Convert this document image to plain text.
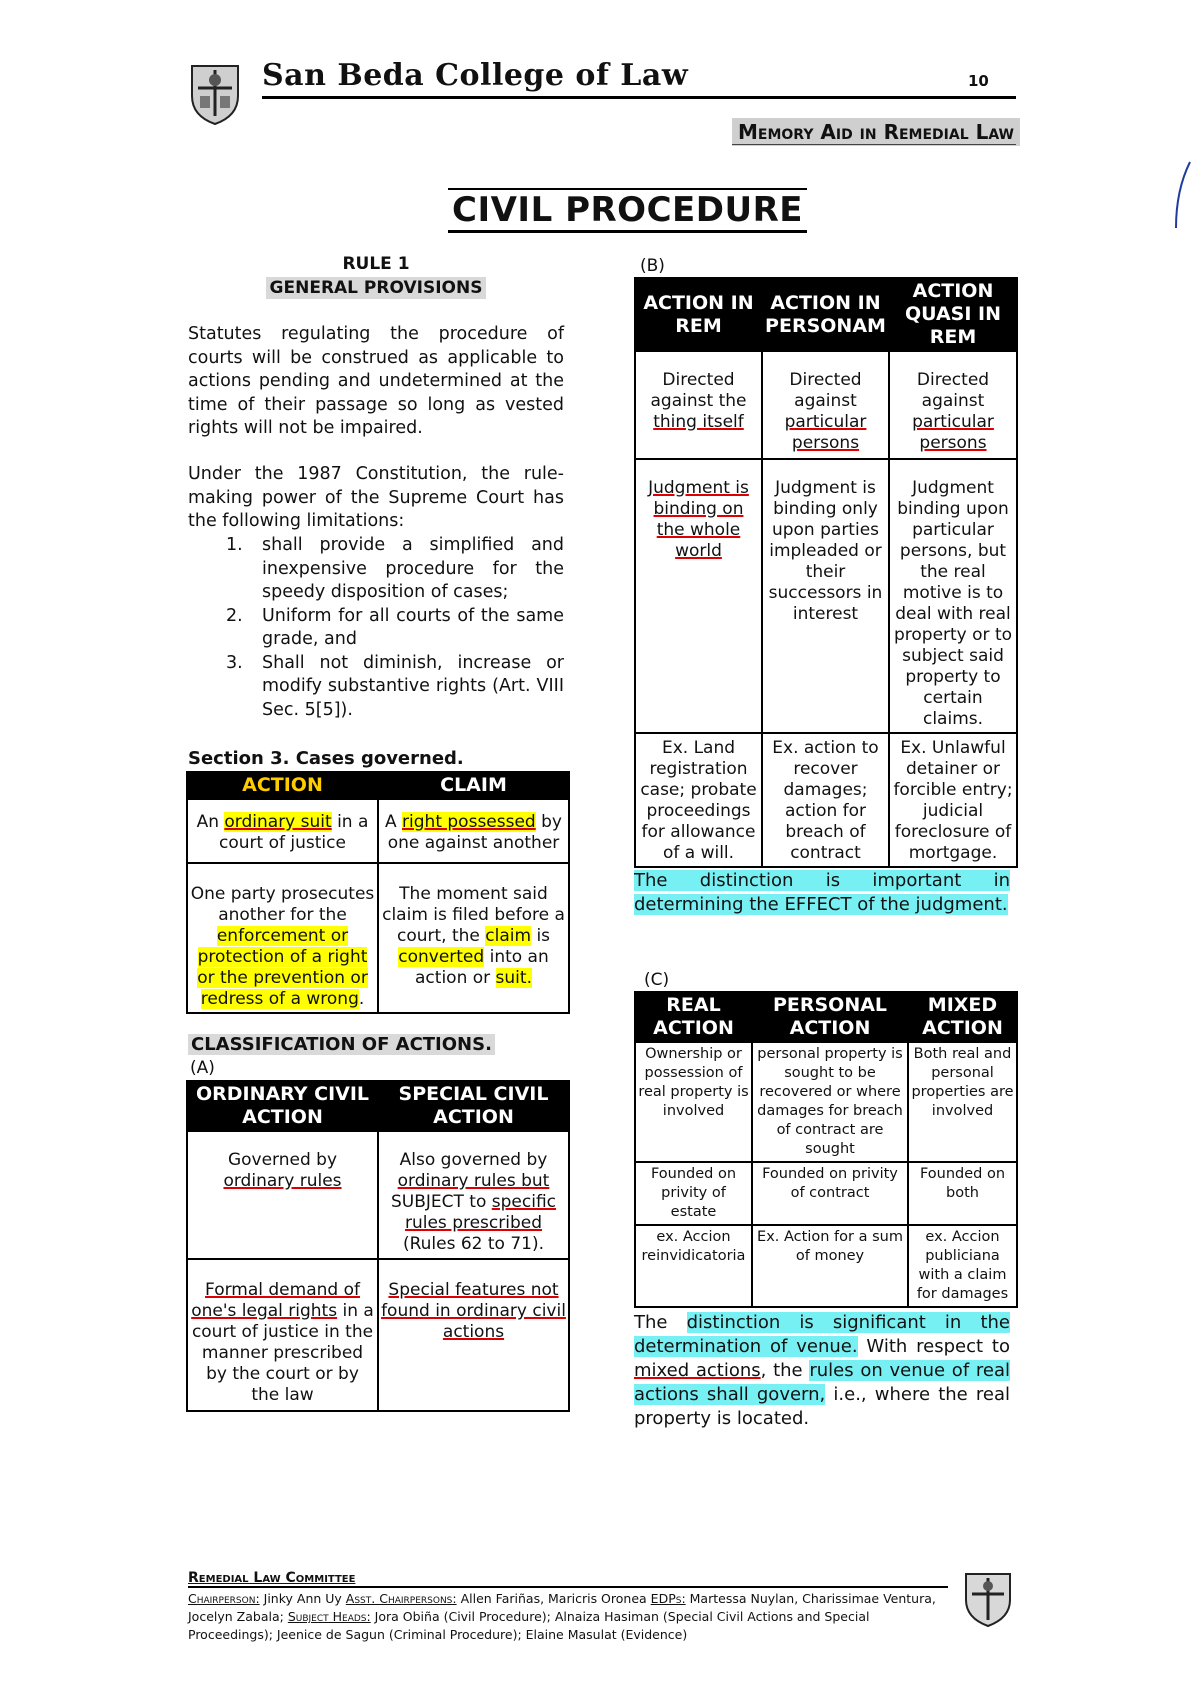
San Beda College of Law	10
Memory Aid in Remedial Law
CIVIL PROCEDURE
RULE 1
GENERAL PROVISIONS
Statutes regulating the procedure of courts will be construed as applicable to actions pending and undetermined at the time of their passage so long as vested rights will not be impaired.
Under the 1987 Constitution, the rule-making power of the Supreme Court has the following limitations:
1. shall provide a simplified and inexpensive procedure for the speedy disposition of cases;
2. Uniform for all courts of the same grade, and
3. Shall not diminish, increase or modify substantive rights (Art. VIII Sec. 5[5]).
Section 3. Cases governed.
ACTION	CLAIM
An ordinary suit in a court of justice	A right possessed by one against another
One party prosecutes another for the enforcement or protection of a right or the prevention or redress of a wrong.	The moment said claim is filed before a court, the claim is converted into an action or suit.
CLASSIFICATION OF ACTIONS.
(A)
ORDINARY CIVIL ACTION	SPECIAL CIVIL ACTION
Governed by ordinary rules	Also governed by ordinary rules but SUBJECT to specific rules prescribed (Rules 62 to 71).
Formal demand of one's legal rights in a court of justice in the manner prescribed by the court or by the law	Special features not found in ordinary civil actions
(B)
ACTION IN REM	ACTION IN PERSONAM	ACTION QUASI IN REM
Directed against the thing itself	Directed against particular persons	Directed against particular persons
Judgment is binding on the whole world	Judgment is binding only upon parties impleaded or their successors in interest	Judgment binding upon particular persons, but the real motive is to deal with real property or to subject said property to certain claims.
Ex. Land registration case; probate proceedings for allowance of a will.	Ex. action to recover damages; action for breach of contract	Ex. Unlawful detainer or forcible entry; judicial foreclosure of mortgage.
The distinction is important in determining the EFFECT of the judgment.
(C)
REAL ACTION	PERSONAL ACTION	MIXED ACTION
Ownership or possession of real property is involved	personal property is sought to be recovered or where damages for breach of contract are sought	Both real and personal properties are involved
Founded on privity of estate	Founded on privity of contract	Founded on both
ex. Accion reinvidicatoria	Ex. Action for a sum of money	ex. Accion publiciana with a claim for damages
The distinction is significant in the determination of venue. With respect to mixed actions, the rules on venue of real actions shall govern, i.e., where the real property is located.
Remedial Law Committee
Chairperson: Jinky Ann Uy Asst. Chairpersons: Allen Fariñas, Maricris Oronea EDPs: Martessa Nuylan, Charissimae Ventura, Jocelyn Zabala; Subject Heads: Jora Obiña (Civil Procedure); Alnaiza Hasiman (Special Civil Actions and Special Proceedings); Jeenice de Sagun (Criminal Procedure); Elaine Masulat (Evidence)
